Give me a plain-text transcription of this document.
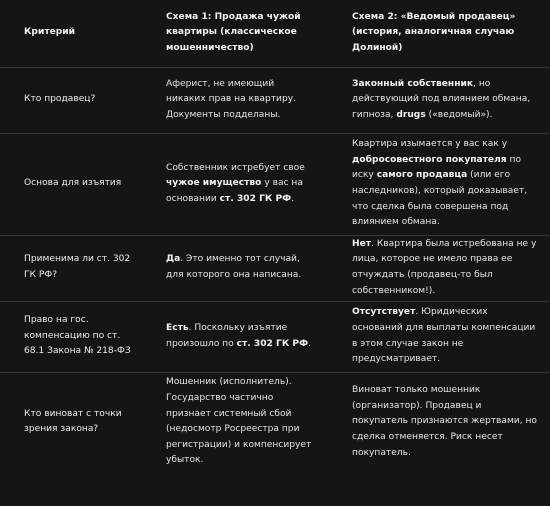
Критерий	Схема 1: Продажа чужой квартиры (классическое мошенничество)	Схема 2: «Ведомый продавец» (история, аналогичная случаю Долиной)
Кто продавец?	Аферист, не имеющий никаких прав на квартиру. Документы подделаны.	Законный собственник, но действующий под влиянием обмана, гипноза, drugs («ведомый»).
Основа для изъятия	Собственник истребует свое чужое имущество у вас на основании ст. 302 ГК РФ.	Квартира изымается у вас как у добросовестного покупателя по иску самого продавца (или его наследников), который доказывает, что сделка была совершена под влиянием обмана.
Применима ли ст. 302 ГК РФ?	Да. Это именно тот случай, для которого она написана.	Нет. Квартира была истребована не у лица, которое не имело права ее отчуждать (продавец-то был собственником!).
Право на гос. компенсацию по ст. 68.1 Закона № 218-ФЗ	Есть. Поскольку изъятие произошло по ст. 302 ГК РФ.	Отсутствует. Юридических оснований для выплаты компенсации в этом случае закон не предусматривает.
Кто виноват с точки зрения закона?	Мошенник (исполнитель). Государство частично признает системный сбой (недосмотр Росреестра при регистрации) и компенсирует убыток.	Виноват только мошенник (организатор). Продавец и покупатель признаются жертвами, но сделка отменяется. Риск несет покупатель.
